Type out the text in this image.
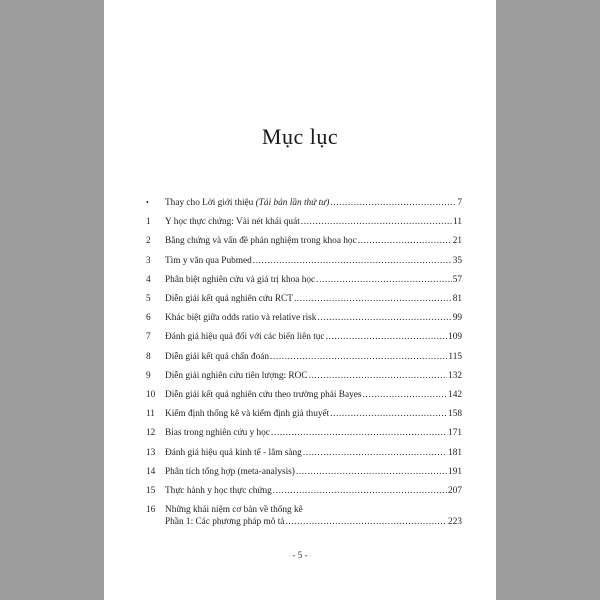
Mục lục
•	Thay cho Lời giới thiệu (Tái bản lần thứ tư) .....	7
1	Y học thực chứng: Vài nét khái quát .....	11
2	Bằng chứng và vấn đề phản nghiệm trong khoa học .....	21
3	Tìm y văn qua Pubmed .....	35
4	Phân biệt nghiên cứu và giá trị khoa học .....	57
5	Diễn giải kết quả nghiên cứu RCT .....	81
6	Khác biệt giữa odds ratio và relative risk .....	99
7	Đánh giá hiệu quả đối với các biến liên tục .....	109
8	Diễn giải kết quả chẩn đoán .....	115
9	Diễn giải nghiên cứu tiên lượng: ROC .....	132
10	Diễn giải kết quả nghiên cứu theo trường phái Bayes .....	142
11	Kiểm định thống kê và kiểm định giả thuyết .....	158
12	Bias trong nghiên cứu y học .....	171
13	Đánh giá hiệu quả kinh tế - lâm sàng .....	181
14	Phân tích tổng hợp (meta-analysis) .....	191
15	Thực hành y học thực chứng .....	207
16	Những khái niệm cơ bản về thống kê
Phần 1: Các phương pháp mô tả .....	223
- 5 -
